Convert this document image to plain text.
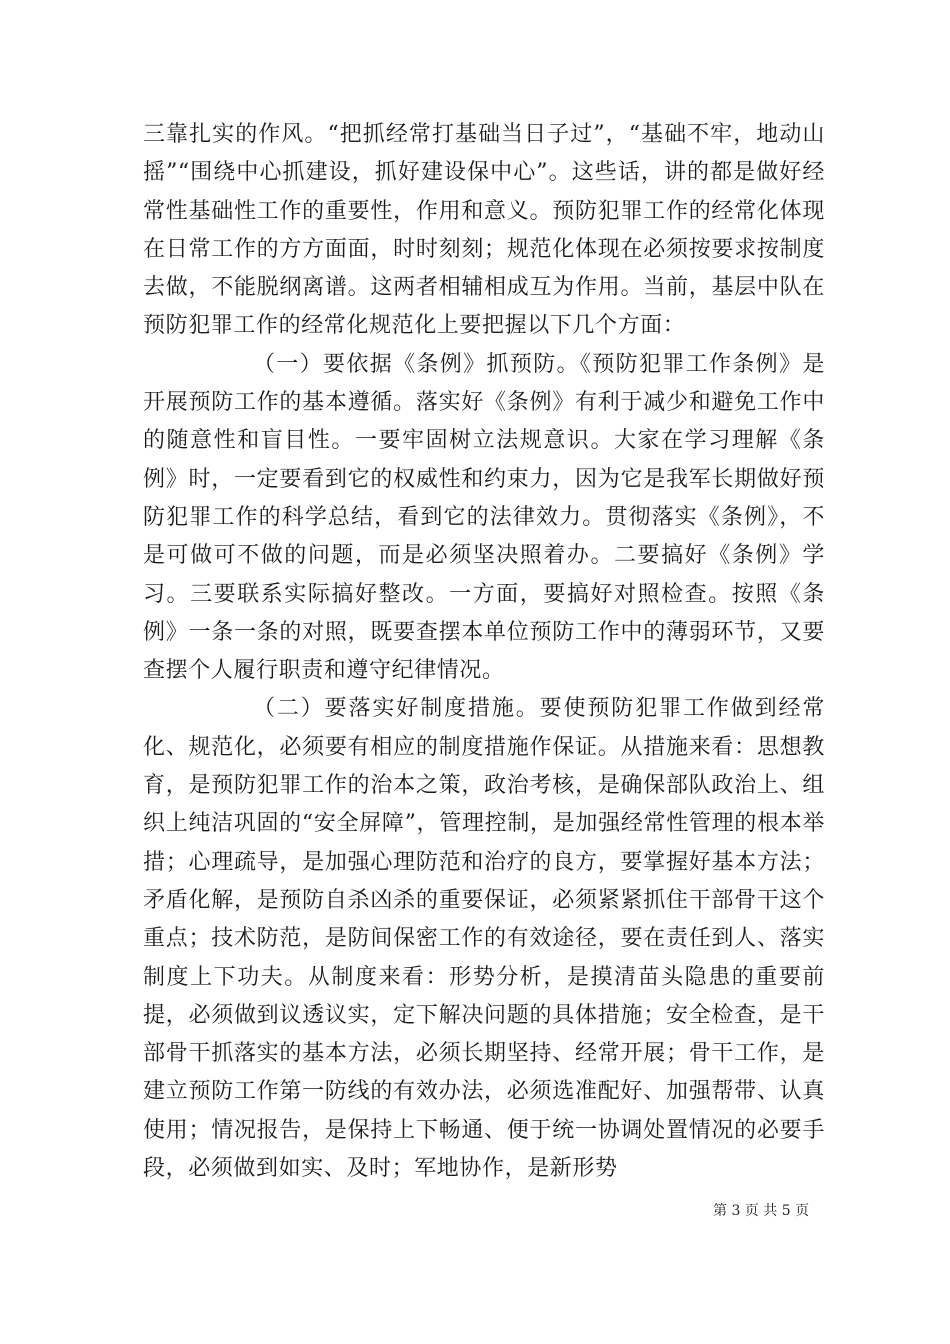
三靠扎实的作风。“把抓经常打基础当日子过”，“基础不牢，地动山摇”“围绕中心抓建设，抓好建设保中心”。这些话，讲的都是做好经常性基础性工作的重要性，作用和意义。预防犯罪工作的经常化体现在日常工作的方方面面，时时刻刻；规范化体现在必须按要求按制度去做，不能脱纲离谱。这两者相辅相成互为作用。当前，基层中队在预防犯罪工作的经常化规范化上要把握以下几个方面：

（一）要依据《条例》抓预防。《预防犯罪工作条例》是开展预防工作的基本遵循。落实好《条例》有利于减少和避免工作中的随意性和盲目性。一要牢固树立法规意识。大家在学习理解《条例》时，一定要看到它的权威性和约束力，因为它是我军长期做好预防犯罪工作的科学总结，看到它的法律效力。贯彻落实《条例》，不是可做可不做的问题，而是必须坚决照着办。二要搞好《条例》学习。三要联系实际搞好整改。一方面，要搞好对照检查。按照《条例》一条一条的对照，既要查摆本单位预防工作中的薄弱环节，又要查摆个人履行职责和遵守纪律情况。

（二）要落实好制度措施。要使预防犯罪工作做到经常化、规范化，必须要有相应的制度措施作保证。从措施来看：思想教育，是预防犯罪工作的治本之策，政治考核，是确保部队政治上、组织上纯洁巩固的“安全屏障”，管理控制，是加强经常性管理的根本举措；心理疏导，是加强心理防范和治疗的良方，要掌握好基本方法；矛盾化解，是预防自杀凶杀的重要保证，必须紧紧抓住干部骨干这个重点；技术防范，是防间保密工作的有效途径，要在责任到人、落实制度上下功夫。从制度来看：形势分析，是摸清苗头隐患的重要前提，必须做到议透议实，定下解决问题的具体措施；安全检查，是干部骨干抓落实的基本方法，必须长期坚持、经常开展；骨干工作，是建立预防工作第一防线的有效办法，必须选准配好、加强帮带、认真使用；情况报告，是保持上下畅通、便于统一协调处置情况的必要手段，必须做到如实、及时；军地协作，是新形势

第 3 页 共 5 页
